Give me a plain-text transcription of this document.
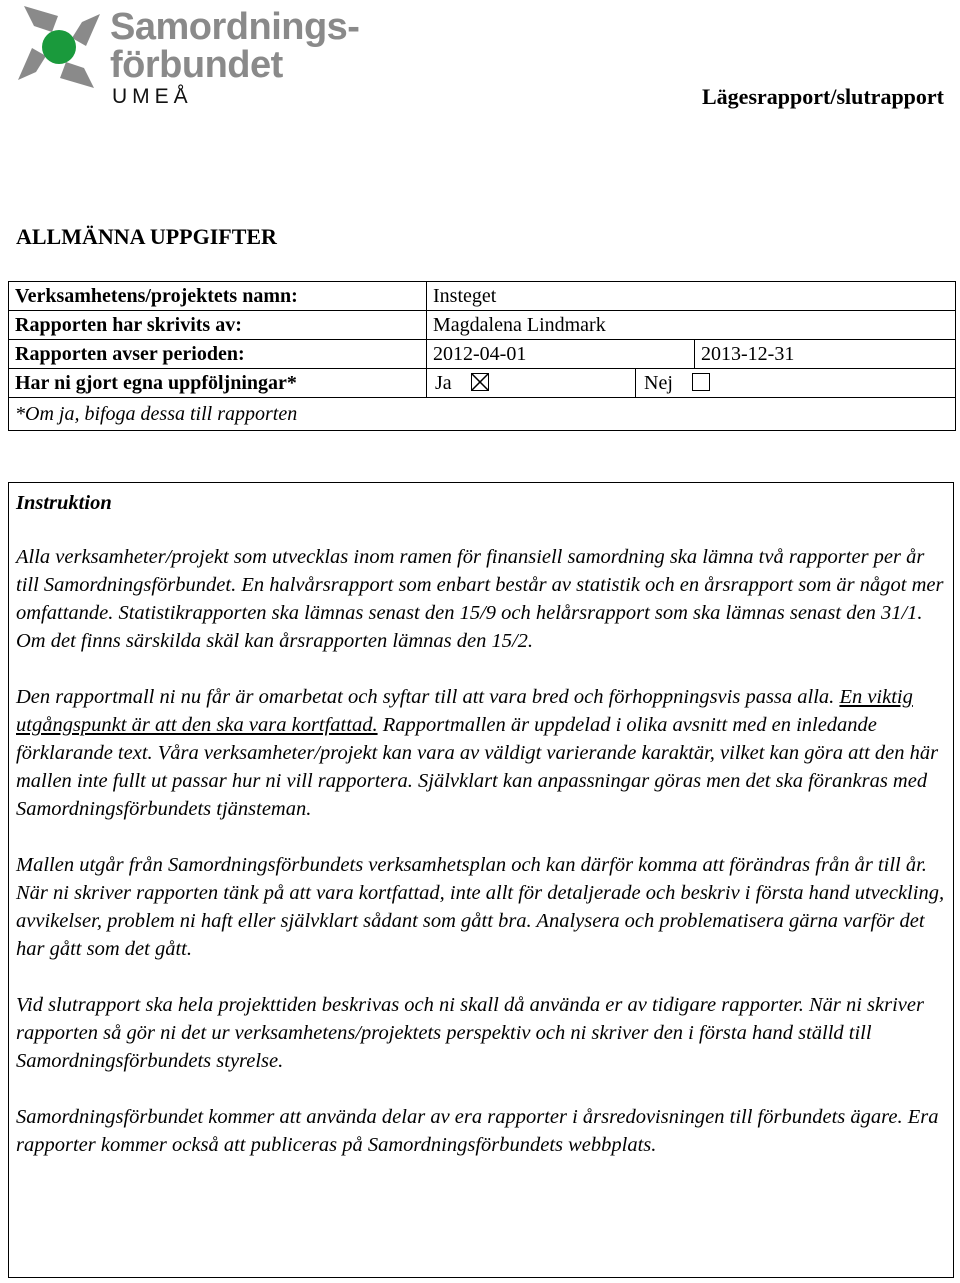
Samordnings-
förbundet
UMEÅ	Lägesrapport/slutrapport
ALLMÄNNA UPPGIFTER
Verksamhetens/projektets namn:	Insteget	
Rapporten har skrivits av:	Magdalena Lindmark	
Rapporten avser perioden:	2012-04-01	2013-12-31
Har ni gjort egna uppföljningar*	Ja Nej	

*Om ja, bifoga dessa till rapporten		
Instruktion

Alla verksamheter/projekt som utvecklas inom ramen för finansiell samordning ska lämna två rapporter per år till Samordningsförbundet. En halvårsrapport som enbart består av statistik och en årsrapport som är något mer omfattande. Statistikrapporten ska lämnas senast den 15/9 och helårsrapport som ska lämnas senast den 31/1. Om det finns särskilda skäl kan årsrapporten lämnas den 15/2.

Den rapportmall ni nu får är omarbetat och syftar till att vara bred och förhoppningsvis passa alla. En viktig utgångspunkt är att den ska vara kortfattad. Rapportmallen är uppdelad i olika avsnitt med en inledande förklarande text. Våra verksamheter/projekt kan vara av väldigt varierande karaktär, vilket kan göra att den här mallen inte fullt ut passar hur ni vill rapportera. Självklart kan anpassningar göras men det ska förankras med Samordningsförbundets tjänsteman.

Mallen utgår från Samordningsförbundets verksamhetsplan och kan därför komma att förändras från år till år. När ni skriver rapporten tänk på att vara kortfattad, inte allt för detaljerade och beskriv i första hand utveckling, avvikelser, problem ni haft eller självklart sådant som gått bra. Analysera och problematisera gärna varför det har gått som det gått.

Vid slutrapport ska hela projekttiden beskrivas och ni skall då använda er av tidigare rapporter. När ni skriver rapporten så gör ni det ur verksamhetens/projektets perspektiv och ni skriver den i första hand ställd till Samordningsförbundets styrelse.

Samordningsförbundet kommer att använda delar av era rapporter i årsredovisningen till förbundets ägare. Era rapporter kommer också att publiceras på Samordningsförbundets webbplats.
